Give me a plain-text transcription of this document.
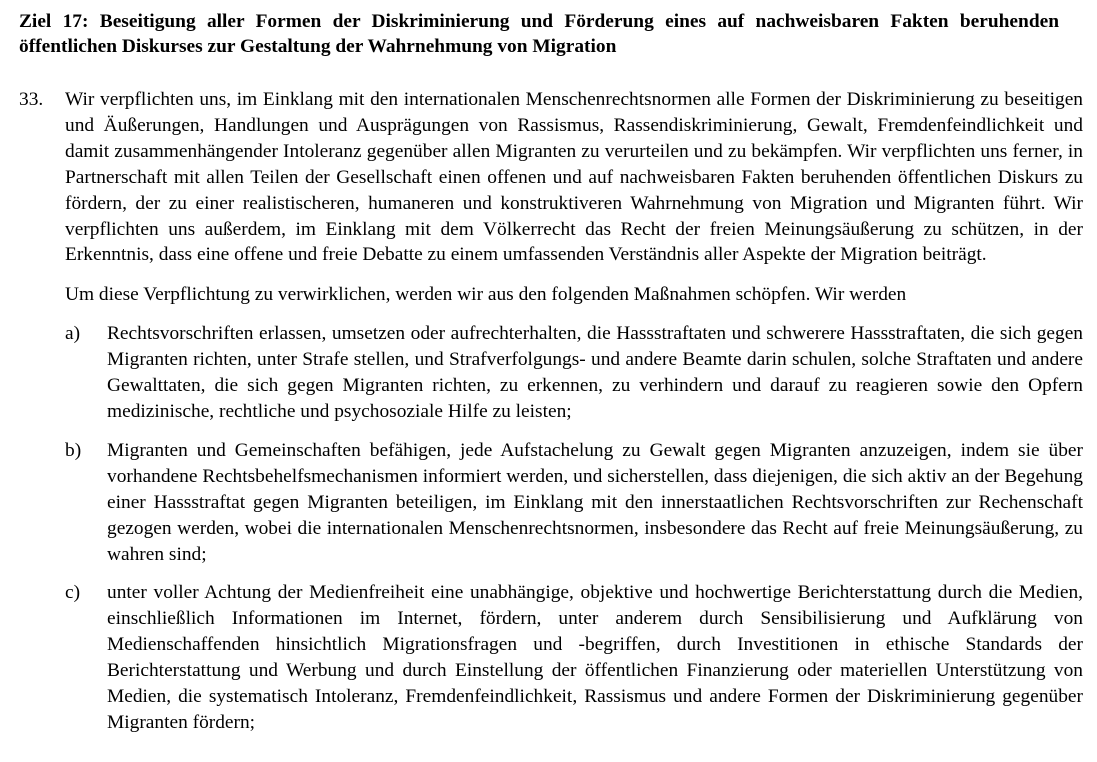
Ziel 17: Beseitigung aller Formen der Diskriminierung und Förderung eines auf nachweisbaren Fakten beruhenden öffentlichen Diskurses zur Gestaltung der Wahrnehmung von Migration
33.	Wir verpflichten uns, im Einklang mit den internationalen Menschenrechtsnormen alle Formen der Diskriminierung zu beseitigen und Äußerungen, Handlungen und Ausprägungen von Rassismus, Rassendiskriminierung, Gewalt, Fremdenfeindlichkeit und damit zusammenhängender Intoleranz gegenüber allen Migranten zu verurteilen und zu bekämpfen. Wir verpflichten uns ferner, in Partnerschaft mit allen Teilen der Gesellschaft einen offenen und auf nachweisbaren Fakten beruhenden öffentlichen Diskurs zu fördern, der zu einer realistischeren, humaneren und konstruktiveren Wahrnehmung von Migration und Migranten führt. Wir verpflichten uns außerdem, im Einklang mit dem Völkerrecht das Recht der freien Meinungsäußerung zu schützen, in der Erkenntnis, dass eine offene und freie Debatte zu einem umfassenden Verständnis aller Aspekte der Migration beiträgt.

Um diese Verpflichtung zu verwirklichen, werden wir aus den folgenden Maßnahmen schöpfen. Wir werden

a)	Rechtsvorschriften erlassen, umsetzen oder aufrechterhalten, die Hassstraftaten und schwerere Hassstraftaten, die sich gegen Migranten richten, unter Strafe stellen, und Strafverfolgungs- und andere Beamte darin schulen, solche Straftaten und andere Gewalttaten, die sich gegen Migranten richten, zu erkennen, zu verhindern und darauf zu reagieren sowie den Opfern medizinische, rechtliche und psychosoziale Hilfe zu leisten;

b)	Migranten und Gemeinschaften befähigen, jede Aufstachelung zu Gewalt gegen Migranten anzuzeigen, indem sie über vorhandene Rechtsbehelfsmechanismen informiert werden, und sicherstellen, dass diejenigen, die sich aktiv an der Begehung einer Hassstraftat gegen Migranten beteiligen, im Einklang mit den innerstaatlichen Rechtsvorschriften zur Rechenschaft gezogen werden, wobei die internationalen Menschenrechtsnormen, insbesondere das Recht auf freie Meinungsäußerung, zu wahren sind;

c)	unter voller Achtung der Medienfreiheit eine unabhängige, objektive und hochwertige Berichterstattung durch die Medien, einschließlich Informationen im Internet, fördern, unter anderem durch Sensibilisierung und Aufklärung von Medienschaffenden hinsichtlich Migrationsfragen und -begriffen, durch Investitionen in ethische Standards der Berichterstattung und Werbung und durch Einstellung der öffentlichen Finanzierung oder materiellen Unterstützung von Medien, die systematisch Intoleranz, Fremdenfeindlichkeit, Rassismus und andere Formen der Diskriminierung gegenüber Migranten fördern;
